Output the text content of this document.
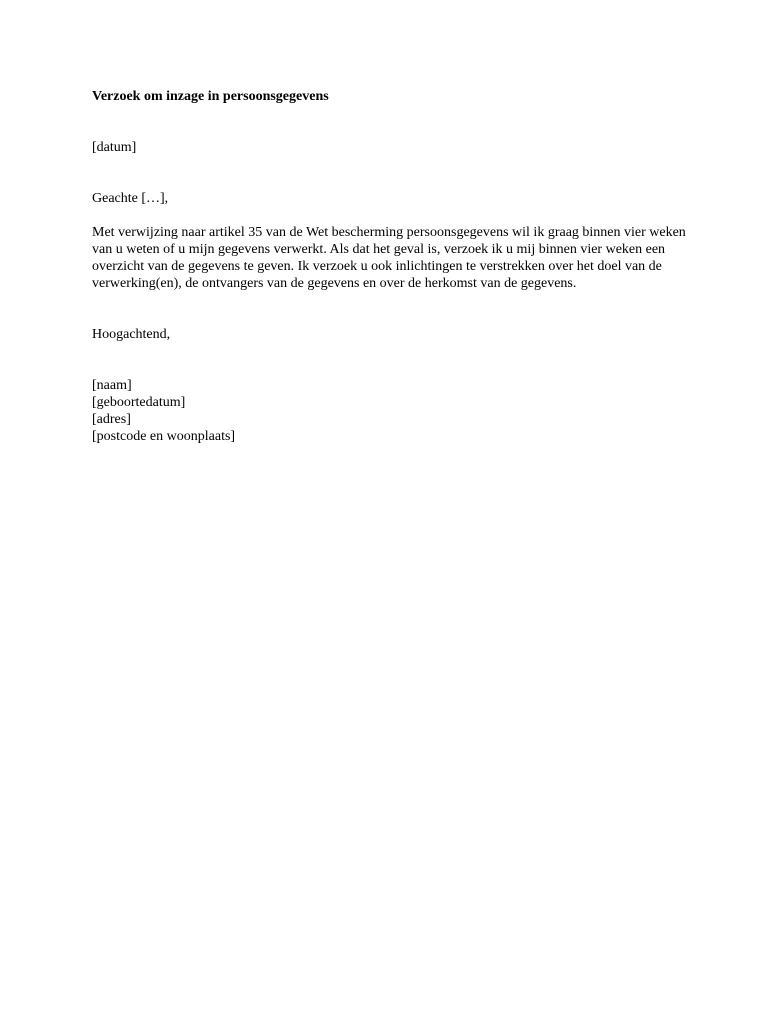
Verzoek om inzage in persoonsgegevens

[datum]

Geachte […],

Met verwijzing naar artikel 35 van de Wet bescherming persoonsgegevens wil ik graag binnen vier weken van u weten of u mijn gegevens verwerkt. Als dat het geval is, verzoek ik u mij binnen vier weken een overzicht van de gegevens te geven. Ik verzoek u ook inlichtingen te verstrekken over het doel van de verwerking(en), de ontvangers van de gegevens en over de herkomst van de gegevens.

Hoogachtend,

[naam]
[geboortedatum]
[adres]
[postcode en woonplaats]
